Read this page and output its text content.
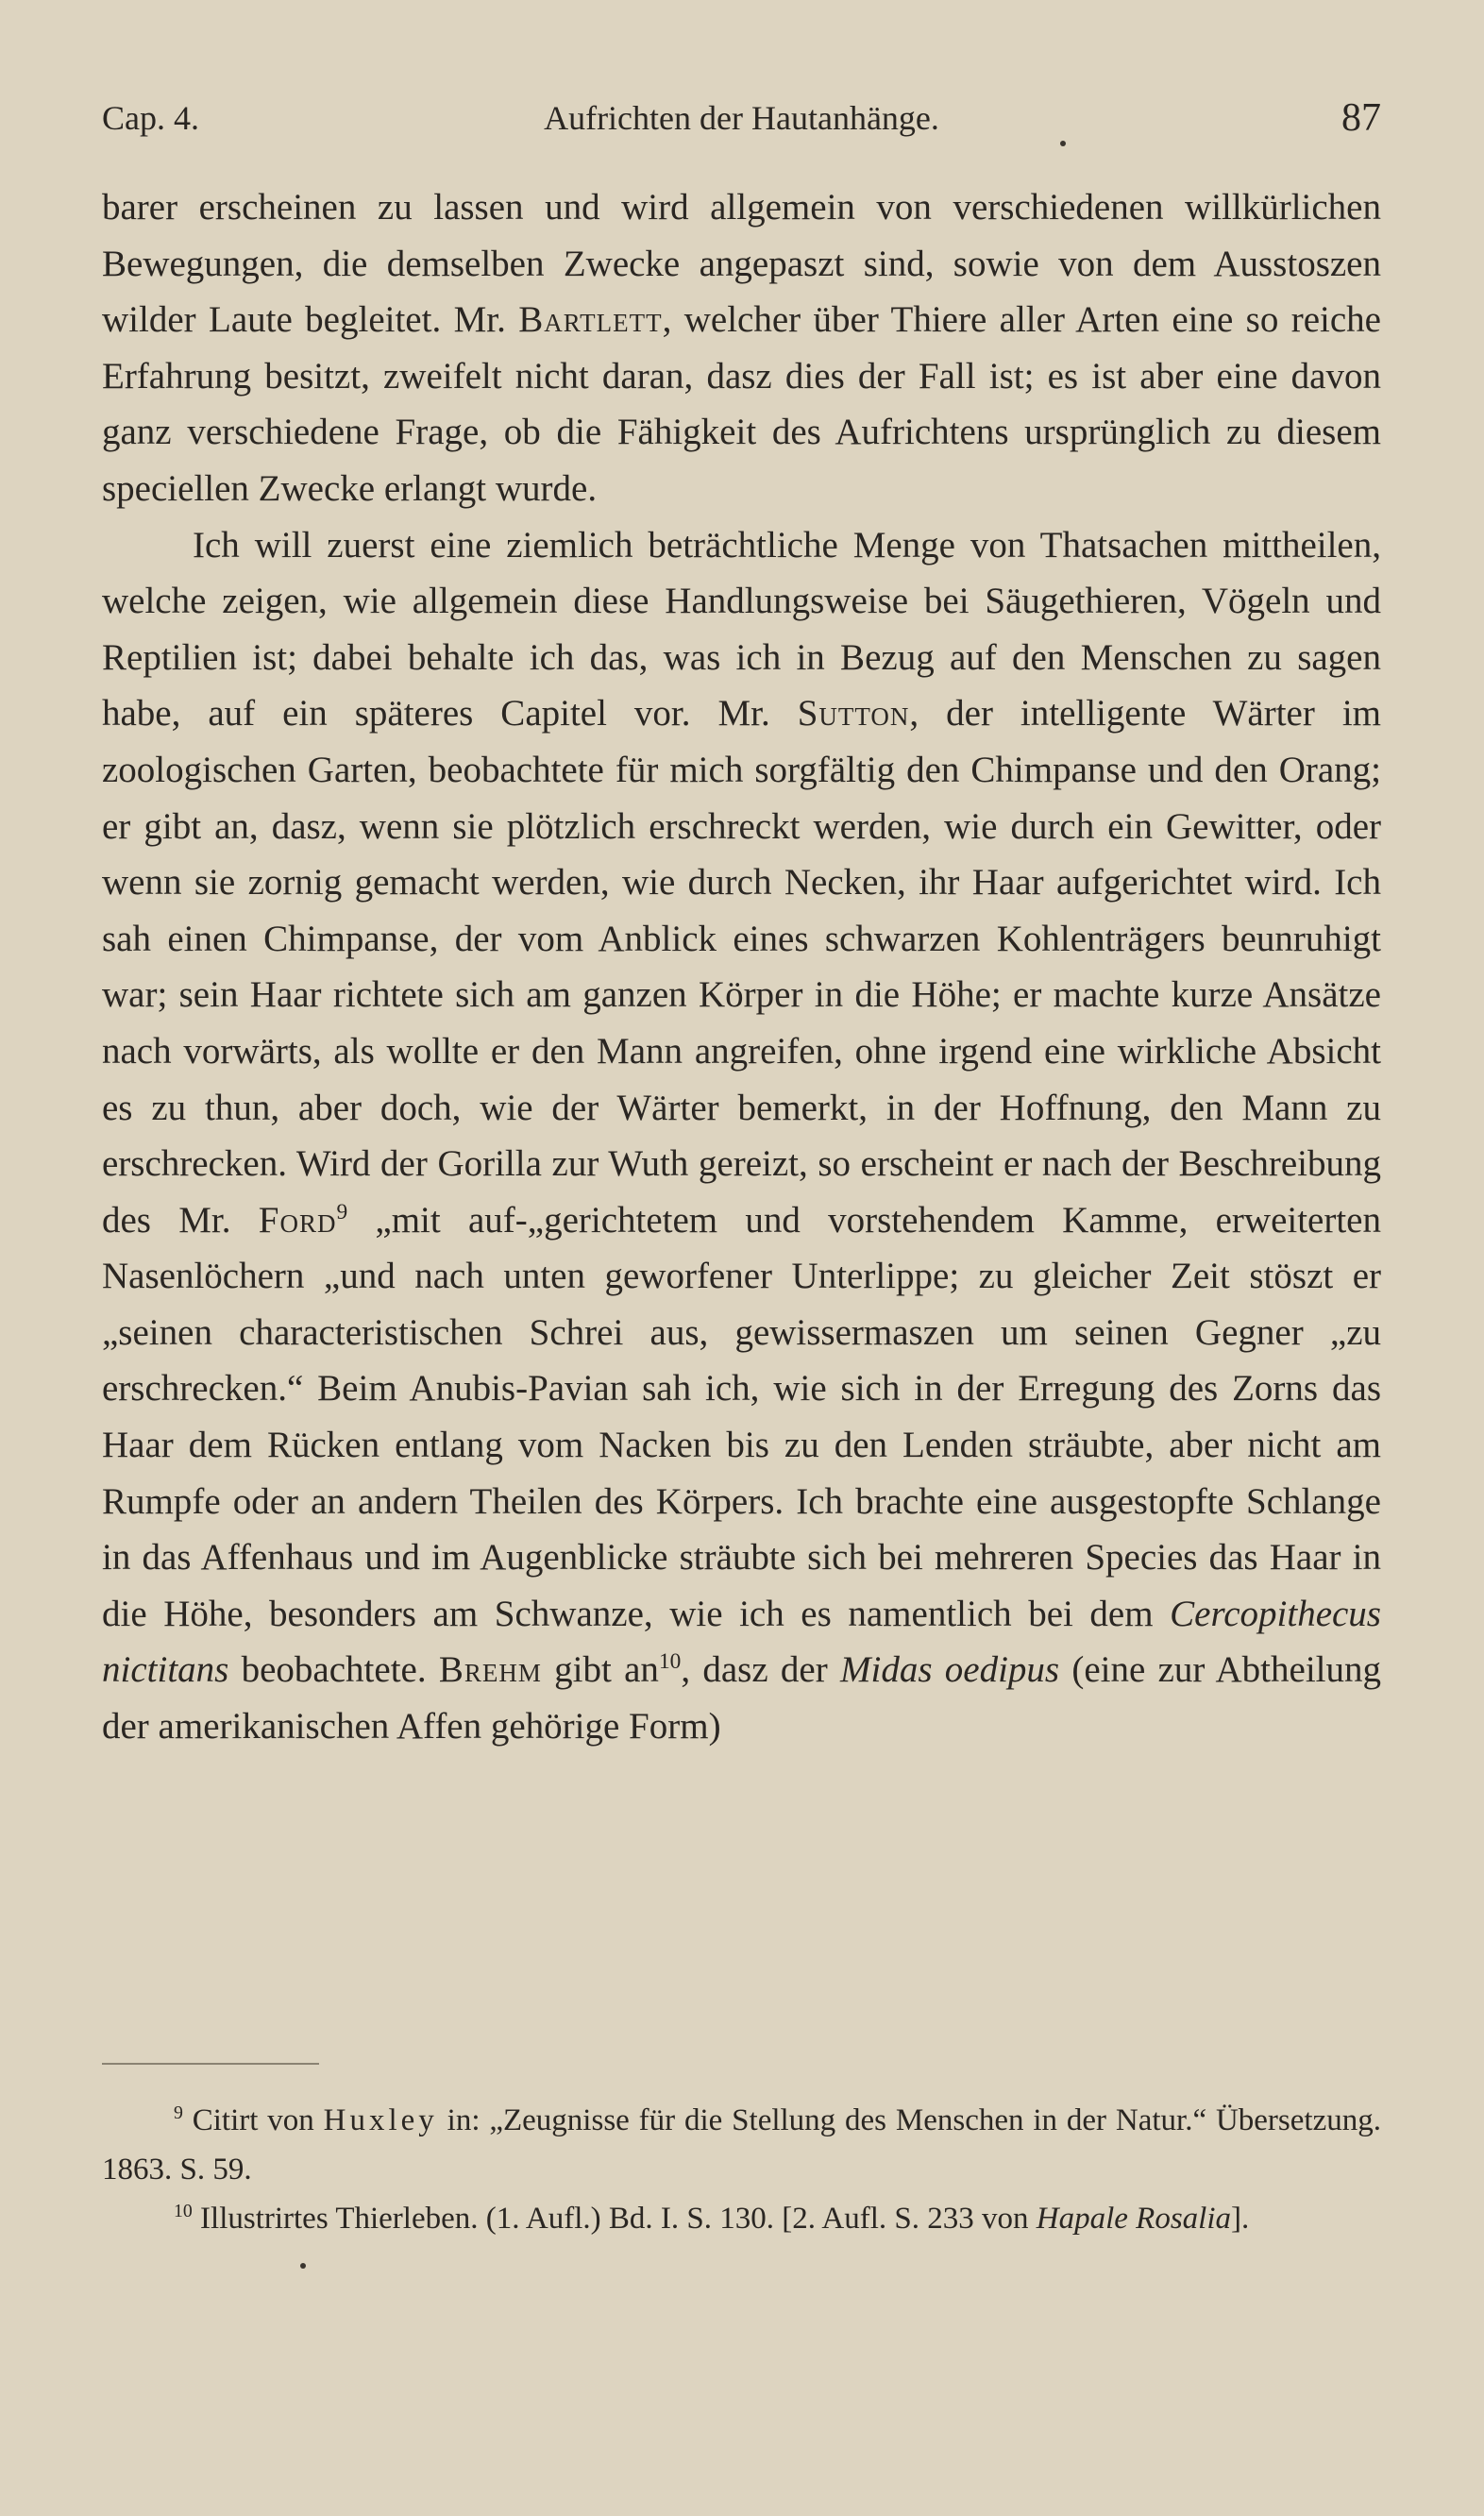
Cap. 4.	Aufrichten der Hautanhänge.	87

barer erscheinen zu lassen und wird allgemein von verschiedenen willkürlichen Bewegungen, die demselben Zwecke angepaszt sind, sowie von dem Ausstoszen wilder Laute begleitet. Mr. Bartlett, welcher über Thiere aller Arten eine so reiche Erfahrung besitzt, zweifelt nicht daran, dasz dies der Fall ist; es ist aber eine davon ganz verschiedene Frage, ob die Fähigkeit des Aufrichtens ursprünglich zu diesem speciellen Zwecke erlangt wurde.

Ich will zuerst eine ziemlich beträchtliche Menge von Thatsachen mittheilen, welche zeigen, wie allgemein diese Handlungsweise bei Säugethieren, Vögeln und Reptilien ist; dabei behalte ich das, was ich in Bezug auf den Menschen zu sagen habe, auf ein späteres Capitel vor. Mr. Sutton, der intelligente Wärter im zoologischen Garten, beobachtete für mich sorgfältig den Chimpanse und den Orang; er gibt an, dasz, wenn sie plötzlich erschreckt werden, wie durch ein Gewitter, oder wenn sie zornig gemacht werden, wie durch Necken, ihr Haar aufgerichtet wird. Ich sah einen Chimpanse, der vom Anblick eines schwarzen Kohlenträgers beunruhigt war; sein Haar richtete sich am ganzen Körper in die Höhe; er machte kurze Ansätze nach vorwärts, als wollte er den Mann angreifen, ohne irgend eine wirkliche Absicht es zu thun, aber doch, wie der Wärter bemerkt, in der Hoffnung, den Mann zu erschrecken. Wird der Gorilla zur Wuth gereizt, so erscheint er nach der Beschreibung des Mr. Ford$^9$ „mit auf-„gerichtetem und vorstehendem Kamme, erweiterten Nasenlöchern „und nach unten geworfener Unterlippe; zu gleicher Zeit stöszt er „seinen characteristischen Schrei aus, gewissermaszen um seinen Gegner „zu erschrecken.“ Beim Anubis-Pavian sah ich, wie sich in der Erregung des Zorns das Haar dem Rücken entlang vom Nacken bis zu den Lenden sträubte, aber nicht am Rumpfe oder an andern Theilen des Körpers. Ich brachte eine ausgestopfte Schlange in das Affenhaus und im Augenblicke sträubte sich bei mehreren Species das Haar in die Höhe, besonders am Schwanze, wie ich es namentlich bei dem Cercopithecus nictitans beobachtete. Brehm gibt $an^{10}$, dasz der Midas oedipus (eine zur Abtheilung der amerikanischen Affen gehörige Form)

$^9$ Citirt von Huxley in: „Zeugnisse für die Stellung des Menschen in der Natur.“ Übersetzung. 1863. S. 59.

$^{10}$ Illustrirtes Thierleben. (1. Aufl.) Bd. I. S. 130. [2. Aufl. S. 233 von Hapale Rosalia].
